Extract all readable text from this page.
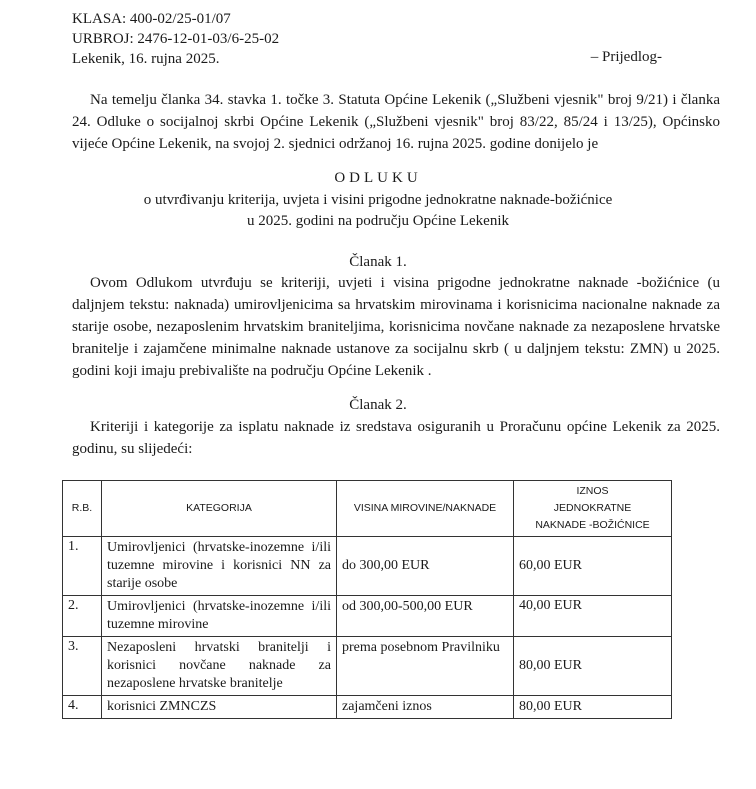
KLASA: 400-02/25-01/07
URBROJ: 2476-12-01-03/6-25-02
Lekenik, 16. rujna 2025.	– Prijedlog-
Na temelju članka 34. stavka 1. točke 3. Statuta Općine Lekenik („Službeni vjesnik" broj 9/21) i članka 24. Odluke o socijalnoj skrbi Općine Lekenik („Službeni vjesnik" broj 83/22, 85/24 i 13/25), Općinsko vijeće Općine Lekenik, na svojoj 2. sjednici održanoj 16. rujna 2025. godine donijelo je
ODLUKU
o utvrđivanju kriterija, uvjeta i visini prigodne jednokratne naknade-božićnice
u 2025. godini na području Općine Lekenik
Članak 1.
Ovom Odlukom utvrđuju se kriteriji, uvjeti i visina prigodne jednokratne naknade -božićnice (u daljnjem tekstu: naknada) umirovljenicima sa hrvatskim mirovinama i korisnicima nacionalne naknade za starije osobe, nezaposlenim hrvatskim braniteljima, korisnicima novčane naknade za nezaposlene hrvatske branitelje i zajamčene minimalne naknade ustanove za socijalnu skrb ( u daljnjem tekstu: ZMN) u 2025. godini koji imaju prebivalište na području Općine Lekenik .
Članak 2.
Kriteriji i kategorije za isplatu naknade iz sredstava osiguranih u Proračunu općine Lekenik za 2025. godinu, su slijedeći:
R.B.	KATEGORIJA	VISINA MIROVINE/NAKNADE	IZNOS
JEDNOKRATNE
NAKNADE -BOŽIĆNICE

1.	Umirovljenici (hrvatske-inozemne i/ili tuzemne mirovine i korisnici NN za starije osobe	do 300,00 EUR	60,00 EUR
2.	Umirovljenici (hrvatske-inozemne i/ili tuzemne mirovine	od 300,00-500,00 EUR	40,00 EUR
3.	Nezaposleni hrvatski branitelji i korisnici novčane naknade za nezaposlene hrvatske branitelje	prema posebnom Pravilniku	80,00 EUR
4.	korisnici ZMNCZS	zajamčeni iznos	80,00 EUR
